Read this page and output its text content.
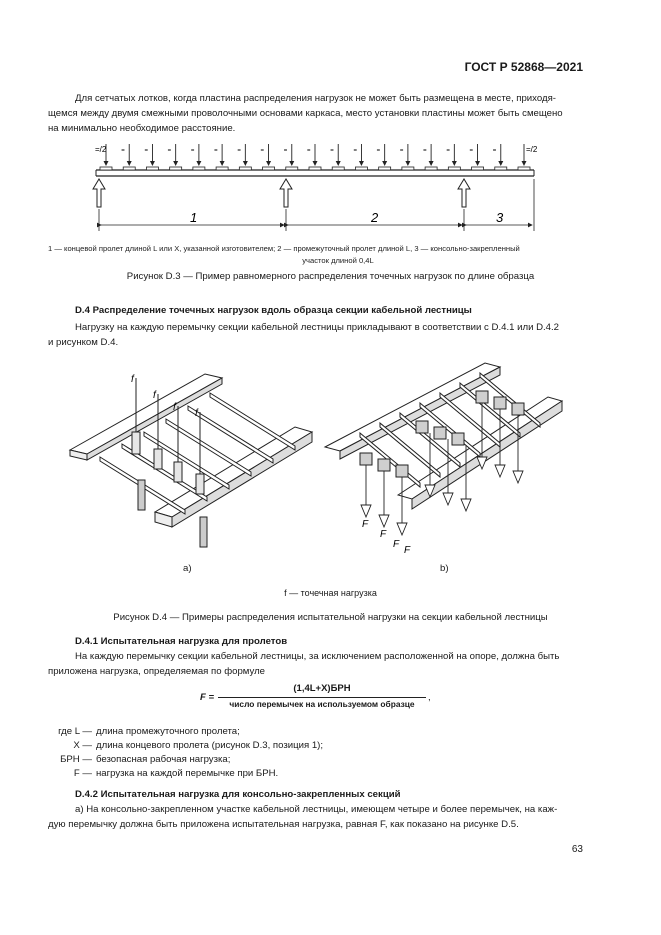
ГОСТ Р 52868—2021
Для сетчатых лотков, когда пластина распределения нагрузок не может быть размещена в месте, приходя-
щемся между двумя смежными проволочными основами каркаса, место установки пластины может быть смещено
на минимально необходимое расстояние.
=/2 =	=	=	=	=	=	=	=	=	=	=	=	=	=	=	=	=	=/2
1	2	3
1 — концевой пролет длиной L или X, указанной изготовителем; 2 — промежуточный пролет длиной L, 3 — консольно-закрепленный
участок длиной 0,4L
Рисунок D.3 — Пример равномерного распределения точечных нагрузок по длине образца
D.4 Распределение точечных нагрузок вдоль образца секции кабельной лестницы
Нагрузку на каждую перемычку секции кабельной лестницы прикладывают в соответствии с D.4.1 или D.4.2
и рисунком D.4.
f
f
f
f
F
F
F
F
a)	b)
f — точечная нагрузка
Рисунок D.4 — Примеры распределения испытательной нагрузки на секции кабельной лестницы
D.4.1 Испытательная нагрузка для пролетов
На каждую перемычку секции кабельной лестницы, за исключением расположенной на опоре, должна быть
приложена нагрузка, определяемая по формуле
F =
(1,4L+X)БРН
число перемычек на используемом образце
,
где L — длина промежуточного пролета;
X — длина концевого пролета (рисунок D.3, позиция 1);
БРН — безопасная рабочая нагрузка;
F — нагрузка на каждой перемычке при БРН.
D.4.2 Испытательная нагрузка для консольно-закрепленных секций
а) На консольно-закрепленном участке кабельной лестницы, имеющем четыре и более перемычек, на каж-
дую перемычку должна быть приложена испытательная нагрузка, равная F, как показано на рисунке D.5.
63
